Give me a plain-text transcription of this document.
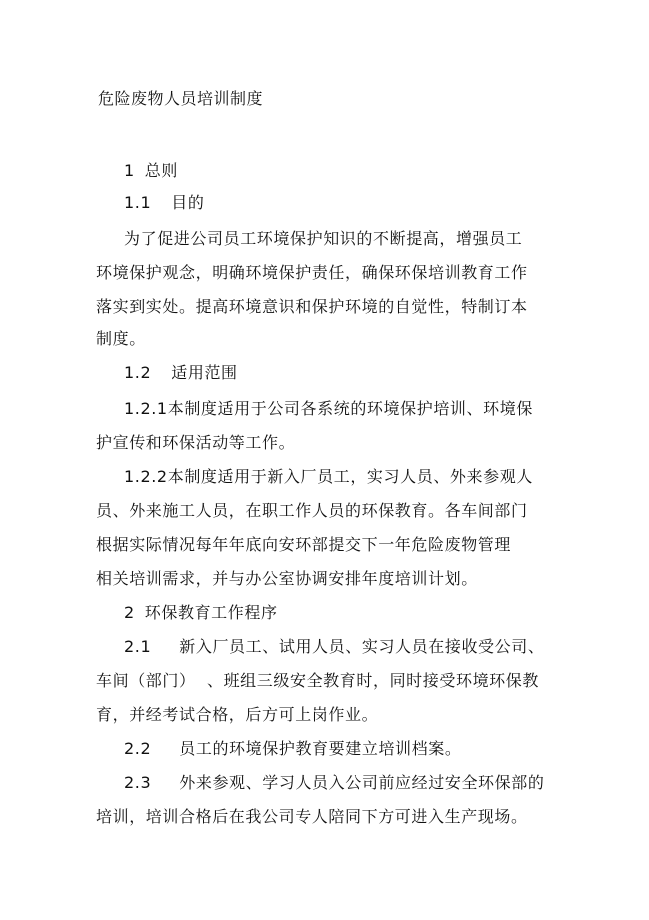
危险废物人员培训制度
1 总则
1.1 目的
为了促进公司员工环境保护知识的不断提高，增强员工
环境保护观念，明确环境保护责任，确保环保培训教育工作
落实到实处。提高环境意识和保护环境的自觉性，特制订本
制度。
1.2 适用范围
1.2.1本制度适用于公司各系统的环境保护培训、环境保
护宣传和环保活动等工作。
1.2.2本制度适用于新入厂员工，实习人员、外来参观人
员、外来施工人员，在职工作人员的环保教育。各车间部门
根据实际情况每年年底向安环部提交下一年危险废物管理
相关培训需求，并与办公室协调安排年度培训计划。
2 环保教育工作程序
2.1 新入厂员工、试用人员、实习人员在接收受公司、
车间（部门）  、班组三级安全教育时，同时接受环境环保教
育，并经考试合格，后方可上岗作业。
2.2 员工的环境保护教育要建立培训档案。
2.3 外来参观、学习人员入公司前应经过安全环保部的
培训，培训合格后在我公司专人陪同下方可进入生产现场。
